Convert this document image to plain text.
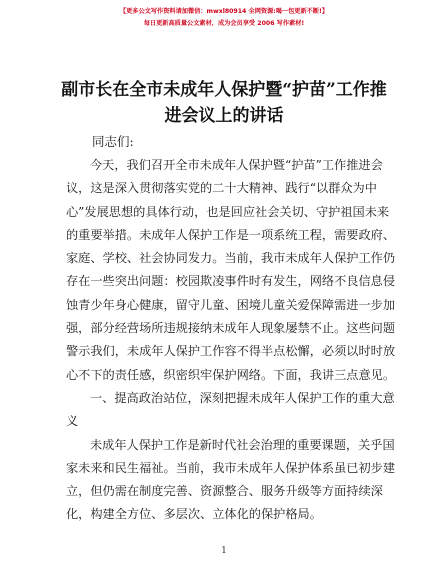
【更多公文写作资料请加微信：mwxl80914 全网资源:喝一包更新不断!】
每日更新高质量公文素材，成为会员享受 2006 写作素材!
副市长在全市未成年人保护暨“护苗”工作推
进会议上的讲话
同志们:
今天，我们召开全市未成年人保护暨“护苗”工作推进会
议，这是深入贯彻落实党的二十大精神、践行“以群众为中
心”发展思想的具体行动，也是回应社会关切、守护祖国未来
的重要举措。未成年人保护工作是一项系统工程，需要政府、
家庭、学校、社会协同发力。当前，我市未成年人保护工作仍
存在一些突出问题：校园欺凌事件时有发生，网络不良信息侵
蚀青少年身心健康，留守儿童、困境儿童关爱保障需进一步加
强，部分经营场所违规接纳未成年人现象屡禁不止。这些问题
警示我们，未成年人保护工作容不得半点松懈，必须以时时放
心不下的责任感，织密织牢保护网络。下面，我讲三点意见。
一、提高政治站位，深刻把握未成年人保护工作的重大意
义
未成年人保护工作是新时代社会治理的重要课题，关乎国
家未来和民生福祉。当前，我市未成年人保护体系虽已初步建
立，但仍需在制度完善、资源整合、服务升级等方面持续深
化，构建全方位、多层次、立体化的保护格局。
1
